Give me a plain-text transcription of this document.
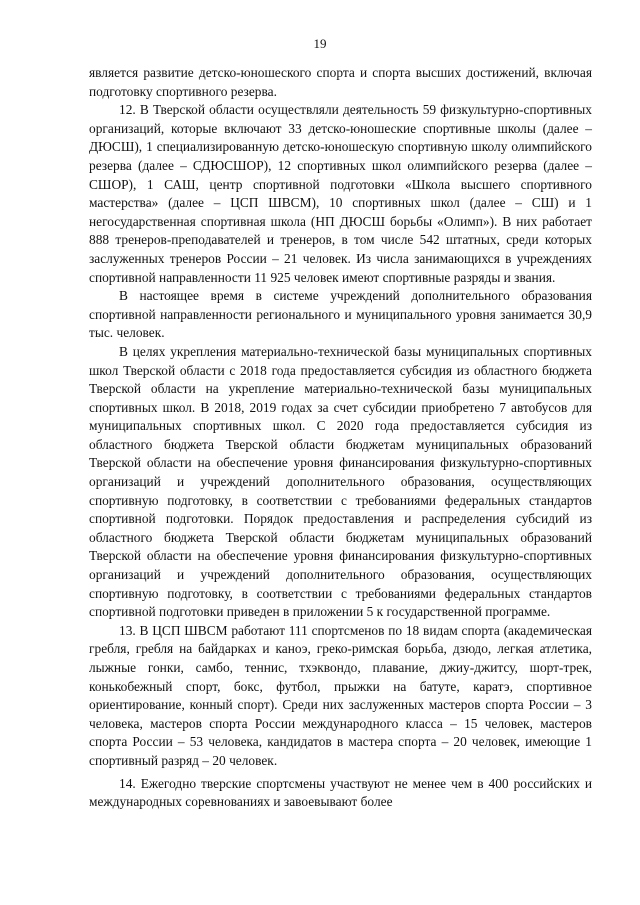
19

является развитие детско-юношеского спорта и спорта высших достижений, включая подготовку спортивного резерва.

12. В Тверской области осуществляли деятельность 59 физкультурно-спортивных организаций, которые включают 33 детско-юношеские спортивные школы (далее – ДЮСШ), 1 специализированную детско-юношескую спортивную школу олимпийского резерва (далее – СДЮСШОР), 12 спортивных школ олимпийского резерва (далее – СШОР), 1 САШ, центр спортивной подготовки «Школа высшего спортивного мастерства» (далее – ЦСП ШВСМ), 10 спортивных школ (далее – СШ) и 1 негосударственная спортивная школа (НП ДЮСШ борьбы «Олимп»). В них работает 888 тренеров-преподавателей и тренеров, в том числе 542 штатных, среди которых заслуженных тренеров России – 21 человек. Из числа занимающихся в учреждениях спортивной направленности 11 925 человек имеют спортивные разряды и звания.

В настоящее время в системе учреждений дополнительного образования спортивной направленности регионального и муниципального уровня занимается 30,9 тыс. человек.

В целях укрепления материально-технической базы муниципальных спортивных школ Тверской области с 2018 года предоставляется субсидия из областного бюджета Тверской области на укрепление материально-технической базы муниципальных спортивных школ. В 2018, 2019 годах за счет субсидии приобретено 7 автобусов для муниципальных спортивных школ. С 2020 года предоставляется субсидия из областного бюджета Тверской области бюджетам муниципальных образований Тверской области на обеспечение уровня финансирования физкультурно-спортивных организаций и учреждений дополнительного образования, осуществляющих спортивную подготовку, в соответствии с требованиями федеральных стандартов спортивной подготовки. Порядок предоставления и распределения субсидий из областного бюджета Тверской области бюджетам муниципальных образований Тверской области на обеспечение уровня финансирования физкультурно-спортивных организаций и учреждений дополнительного образования, осуществляющих спортивную подготовку, в соответствии с требованиями федеральных стандартов спортивной подготовки приведен в приложении 5 к государственной программе.

13. В ЦСП ШВСМ работают 111 спортсменов по 18 видам спорта (академическая гребля, гребля на байдарках и каноэ, греко-римская борьба, дзюдо, легкая атлетика, лыжные гонки, самбо, теннис, тхэквондо, плавание, джиу-джитсу, шорт-трек, конькобежный спорт, бокс, футбол, прыжки на батуте, каратэ, спортивное ориентирование, конный спорт). Среди них заслуженных мастеров спорта России – 3 человека, мастеров спорта России международного класса – 15 человек, мастеров спорта России – 53 человека, кандидатов в мастера спорта – 20 человек, имеющие 1 спортивный разряд – 20 человек.

14. Ежегодно тверские спортсмены участвуют не менее чем в 400 российских и международных соревнованиях и завоевывают более
